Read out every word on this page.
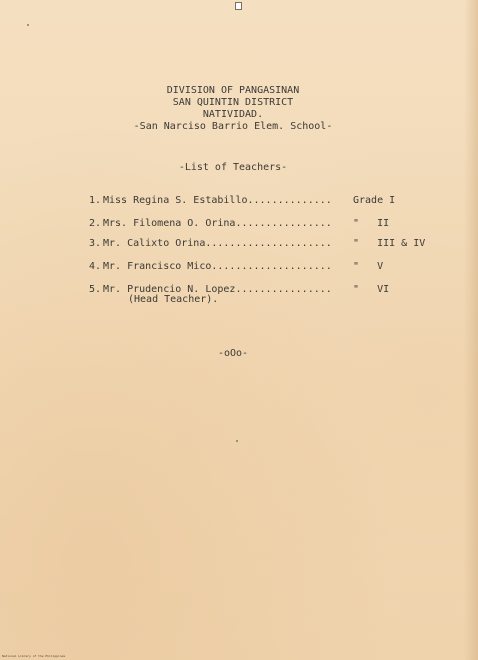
DIVISION OF PANGASINAN
SAN QUINTIN DISTRICT
NATIVIDAD.
-San Narciso Barrio Elem. School-
-List of Teachers-
1. Miss Regina S. Estabillo.............. Grade I
2. Mrs. Filomena O. Orina................ "   II
3. Mr. Calixto Orina..................... "   III & IV
4. Mr. Francisco Mico.................... "   V
5. Mr. Prudencio N. Lopez................ "   VI
(Head Teacher).
-oOo-
National Library of the Philippines
